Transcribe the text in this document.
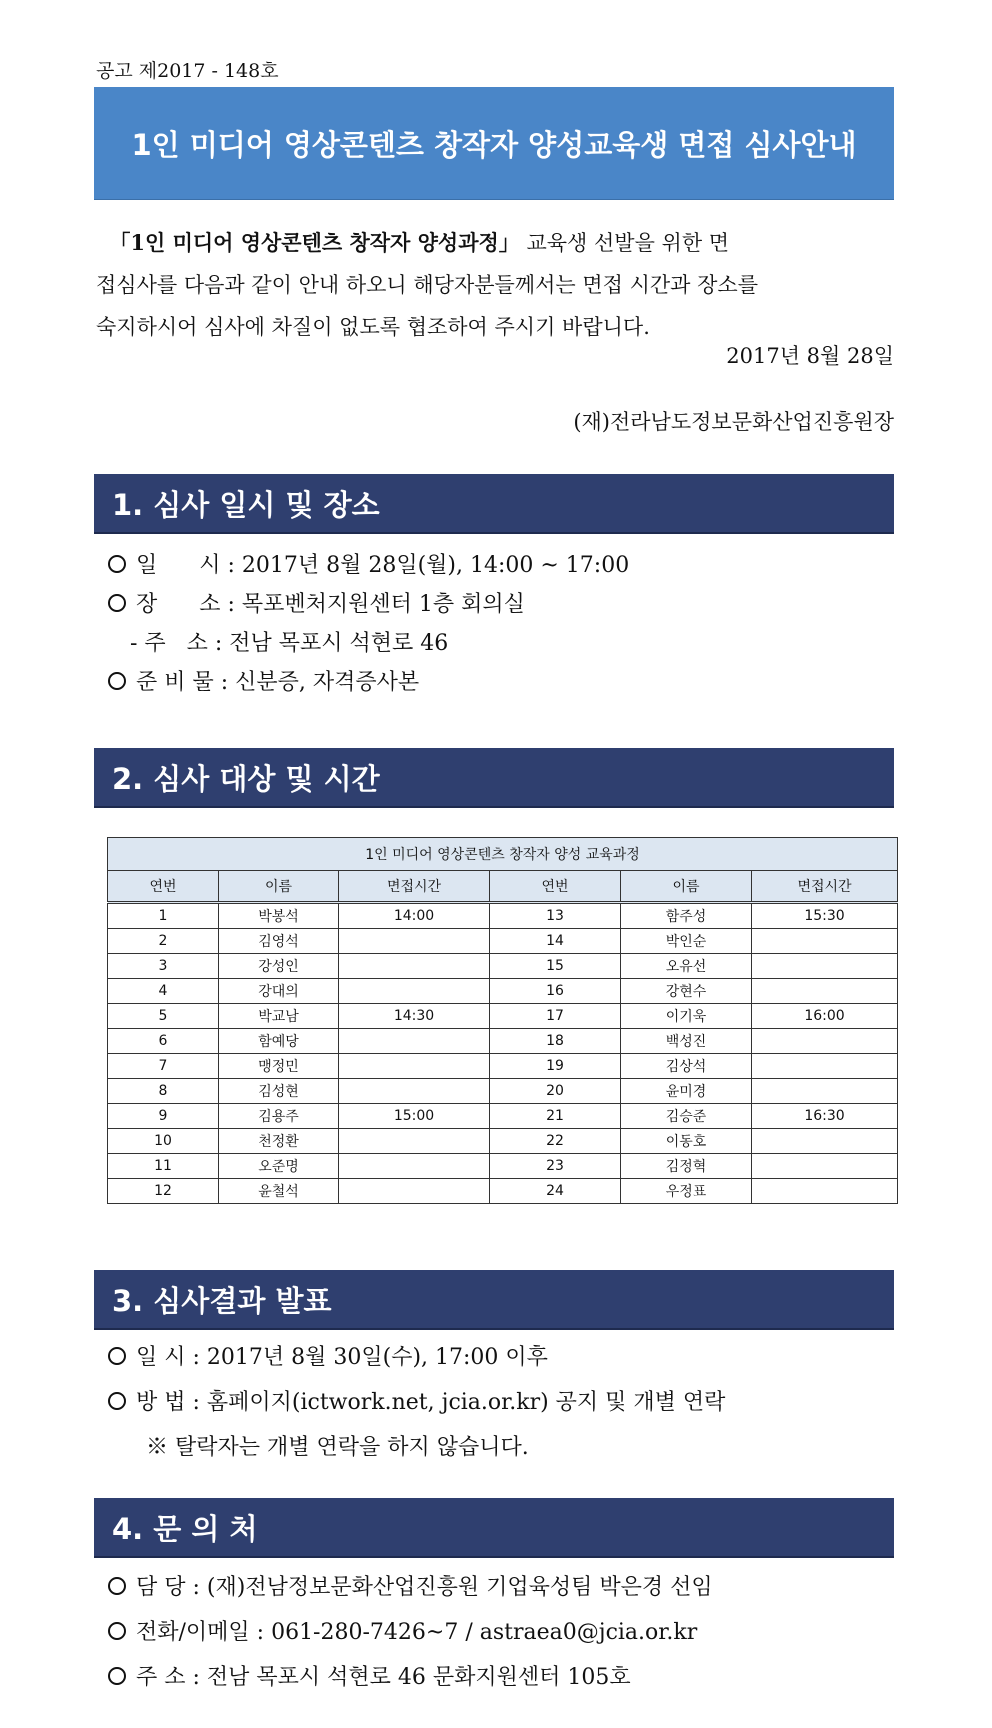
공고 제2017 - 148호
1인 미디어 영상콘텐츠 창작자 양성교육생 면접 심사안내
「1인 미디어 영상콘텐츠 창작자 양성과정」 교육생 선발을 위한 면
접심사를 다음과 같이 안내 하오니 해당자분들께서는 면접 시간과 장소를
숙지하시어 심사에 차질이 없도록 협조하여 주시기 바랍니다.
2017년 8월 28일
(재)전라남도정보문화산업진흥원장
1. 심사 일시 및 장소
일      시 : 2017년 8월 28일(월), 14:00 ~ 17:00
장      소 : 목포벤처지원센터 1층 회의실
- 주   소 : 전남 목포시 석현로 46
준 비 물 : 신분증, 자격증사본
2. 심사 대상 및 시간
1인 미디어 영상콘텐츠 창작자 양성 교육과정					
연번	이름	면접시간	연번	이름	면접시간
1	박봉석	14:00	13	함주성	15:30
2	김영석		14	박인순	
3	강성인		15	오유선	
4	강대의		16	강현수	
5	박교남	14:30	17	이기욱	16:00
6	함예당		18	백성진	
7	맹정민		19	김상석	
8	김성현		20	윤미경	
9	김용주	15:00	21	김승준	16:30
10	천정환		22	이동호	
11	오준명		23	김정혁	
12	윤철석		24	우정표	
3. 심사결과 발표
일 시 : 2017년 8월 30일(수), 17:00 이후
방 법 : 홈페이지(ictwork.net, jcia.or.kr) 공지 및 개별 연락
※ 탈락자는 개별 연락을 하지 않습니다.
4. 문 의 처
담 당 : (재)전남정보문화산업진흥원 기업육성팀 박은경 선임
전화/이메일 : 061-280-7426~7 / astraea0@jcia.or.kr
주 소 : 전남 목포시 석현로 46 문화지원센터 105호
